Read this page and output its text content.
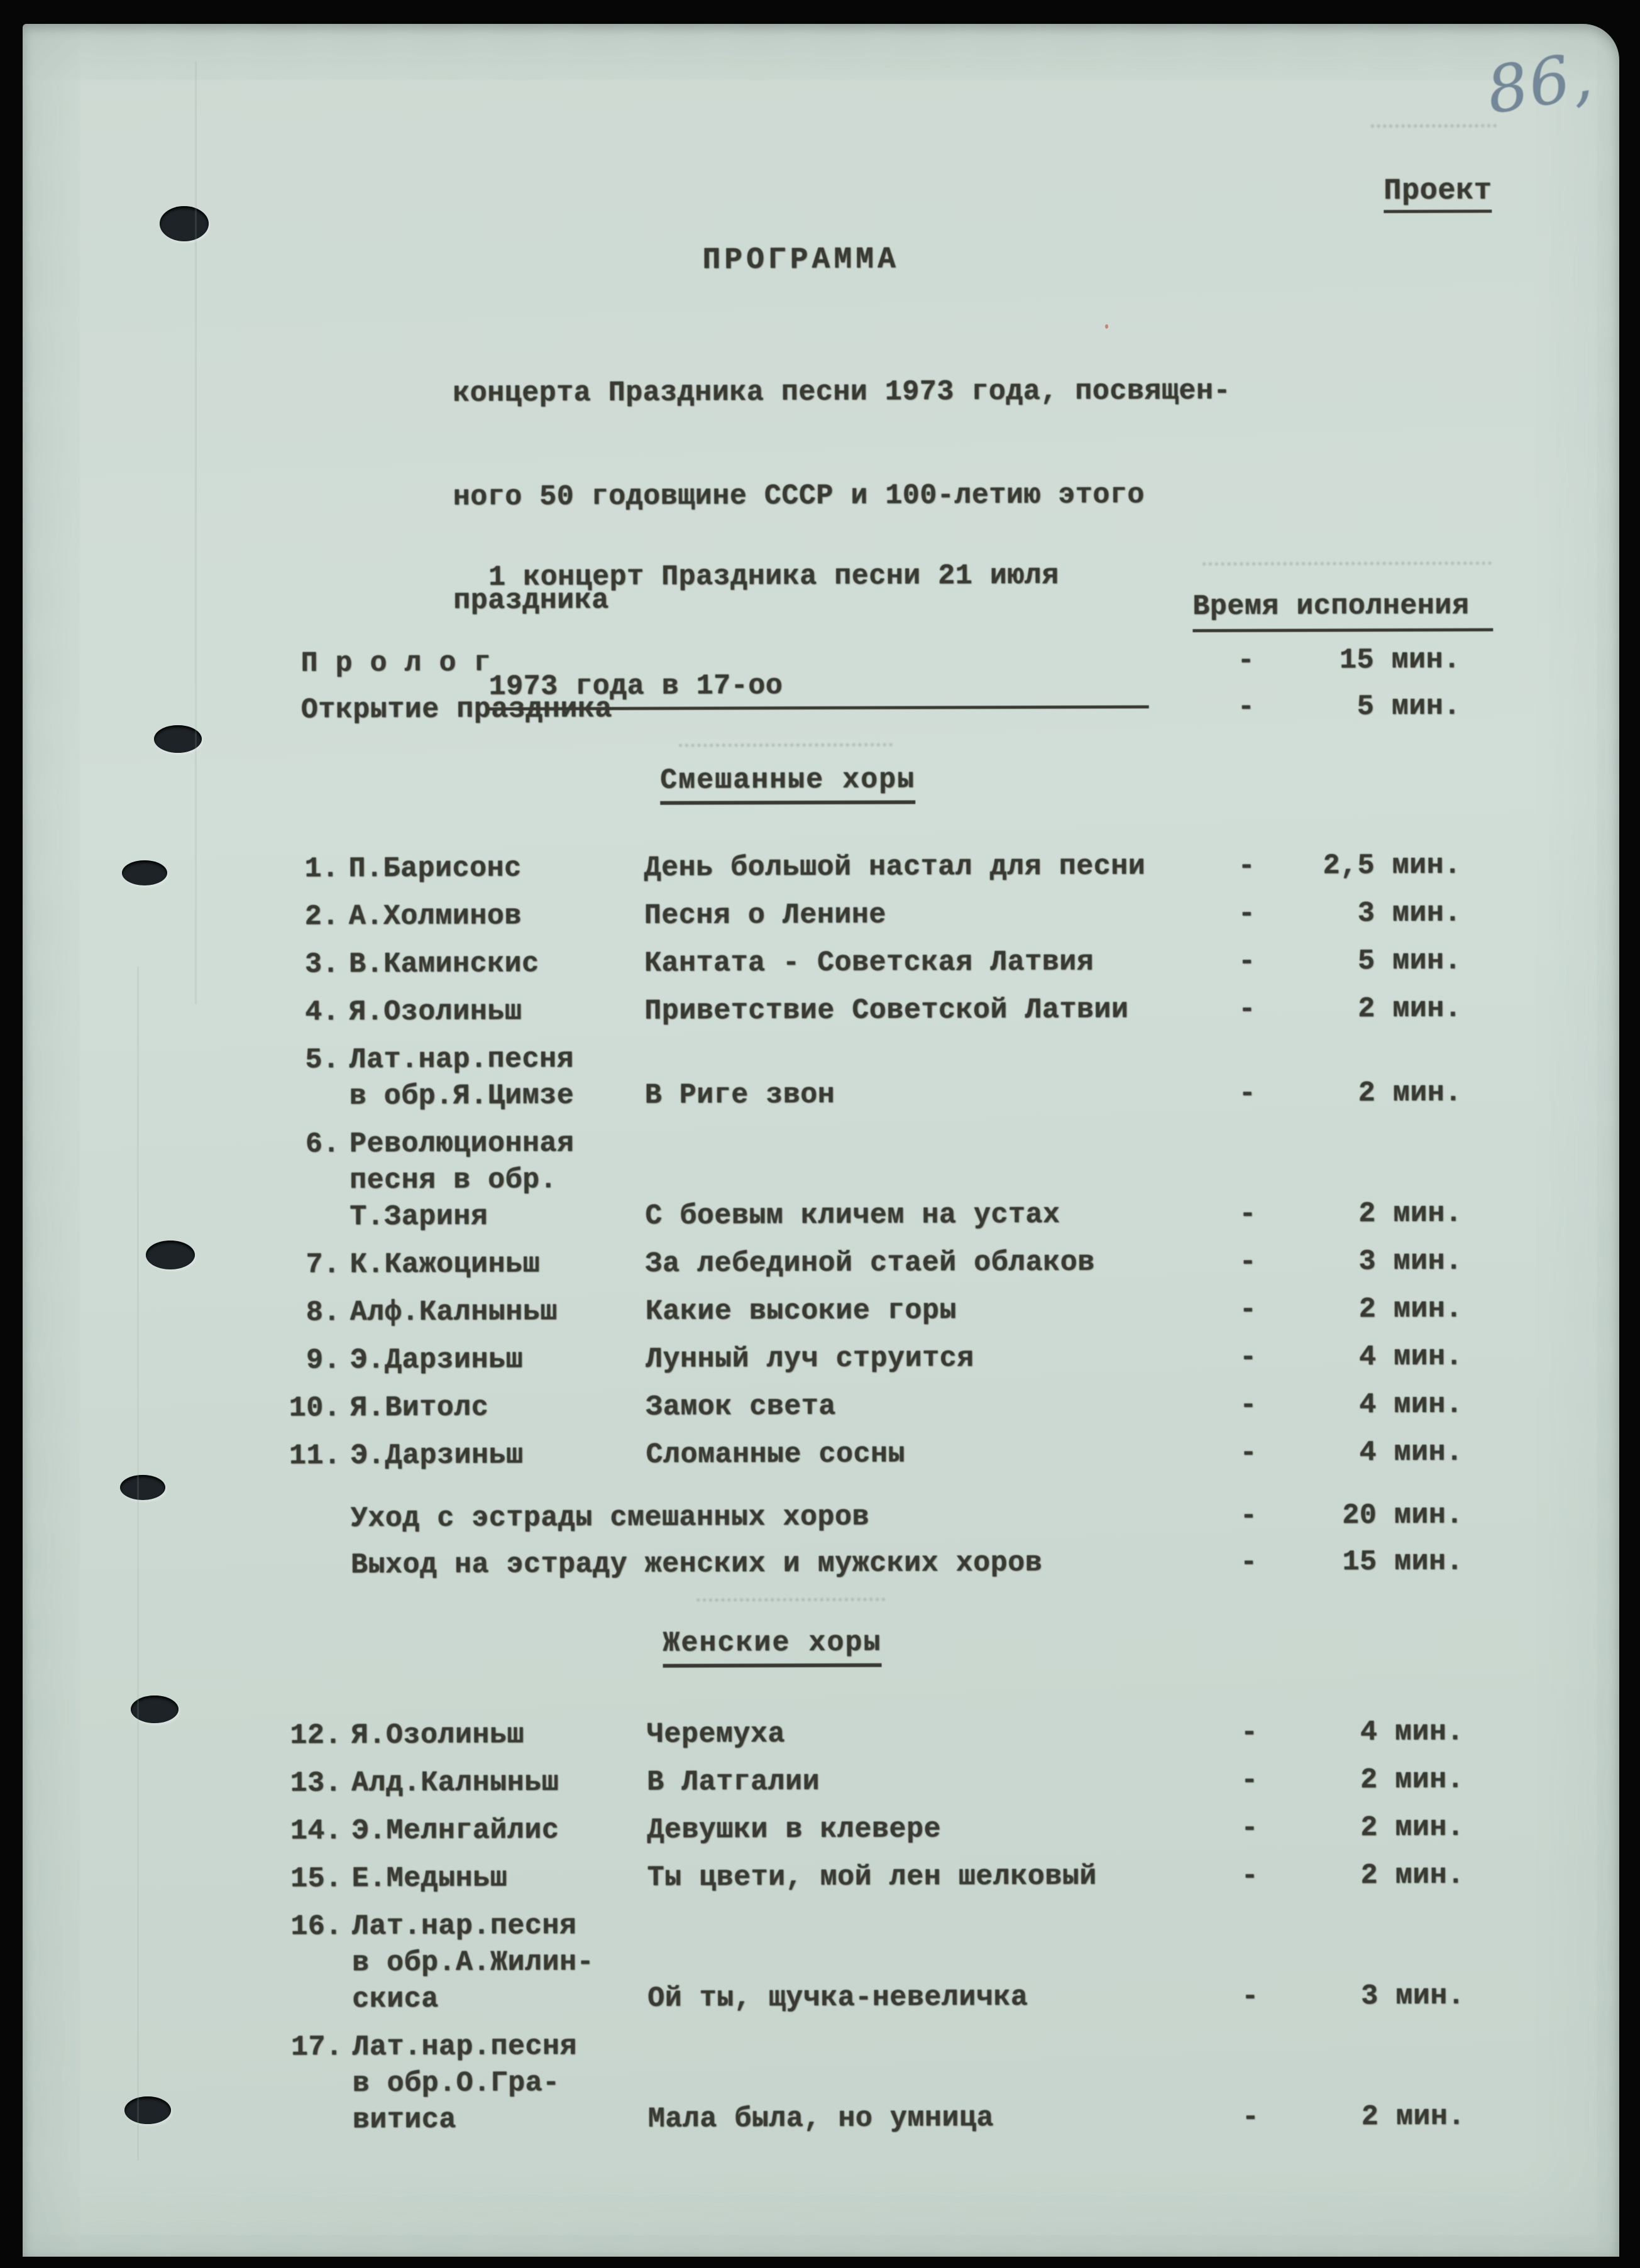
86,
Проект
ПРОГРАММА

концерта Праздника песни 1973 года, посвящен-

ного 50 годовщине СССР и 100-летию этого

праздника

1 концерт Праздника песни 21 июля

1973 года в 17-оо

Время исполнения
П р о л о г	-	15 мин.
Открытие праздника	-	5 мин.
Смешанные хоры
1. П.Барисонс	День большой настал для песни	-	2,5 мин.
2. А.Холминов	Песня о Ленине	-	3 мин.
3. В.Каминскис	Кантата - Советская Латвия	-	5 мин.
4. Я.Озолиньш	Приветствие Советской Латвии	-	2 мин.
5. Лат.нар.песня
в обр.Я.Цимзе	В Риге звон	-	2 мин.
6. Революционная
песня в обр.
Т.Зариня	С боевым кличем на устах	-	2 мин.
7. К.Кажоциньш	За лебединой стаей облаков	-	3 мин.
8. Алф.Калныньш	Какие высокие горы	-	2 мин.
9. Э.Дарзиньш	Лунный луч струится	-	4 мин.
10. Я.Витолс	Замок света	-	4 мин.
11. Э.Дарзиньш	Сломанные сосны	-	4 мин.
Уход с эстрады смешанных хоров	-	20 мин.
Выход на эстраду женских и мужских хоров	-	15 мин.
Женские хоры
12. Я.Озолиньш	Черемуха	-	4 мин.
13. Алд.Калныньш	В Латгалии	-	2 мин.
14. Э.Мелнгайлис	Девушки в клевере	-	2 мин.
15. Е.Медыньш	Ты цвети, мой лен шелковый	-	2 мин.
16. Лат.нар.песня
в обр.А.Жилин-
скиса	Ой ты, щучка-невеличка	-	3 мин.
17. Лат.нар.песня
в обр.О.Гра-
витиса	Мала была, но умница	-	2 мин.
